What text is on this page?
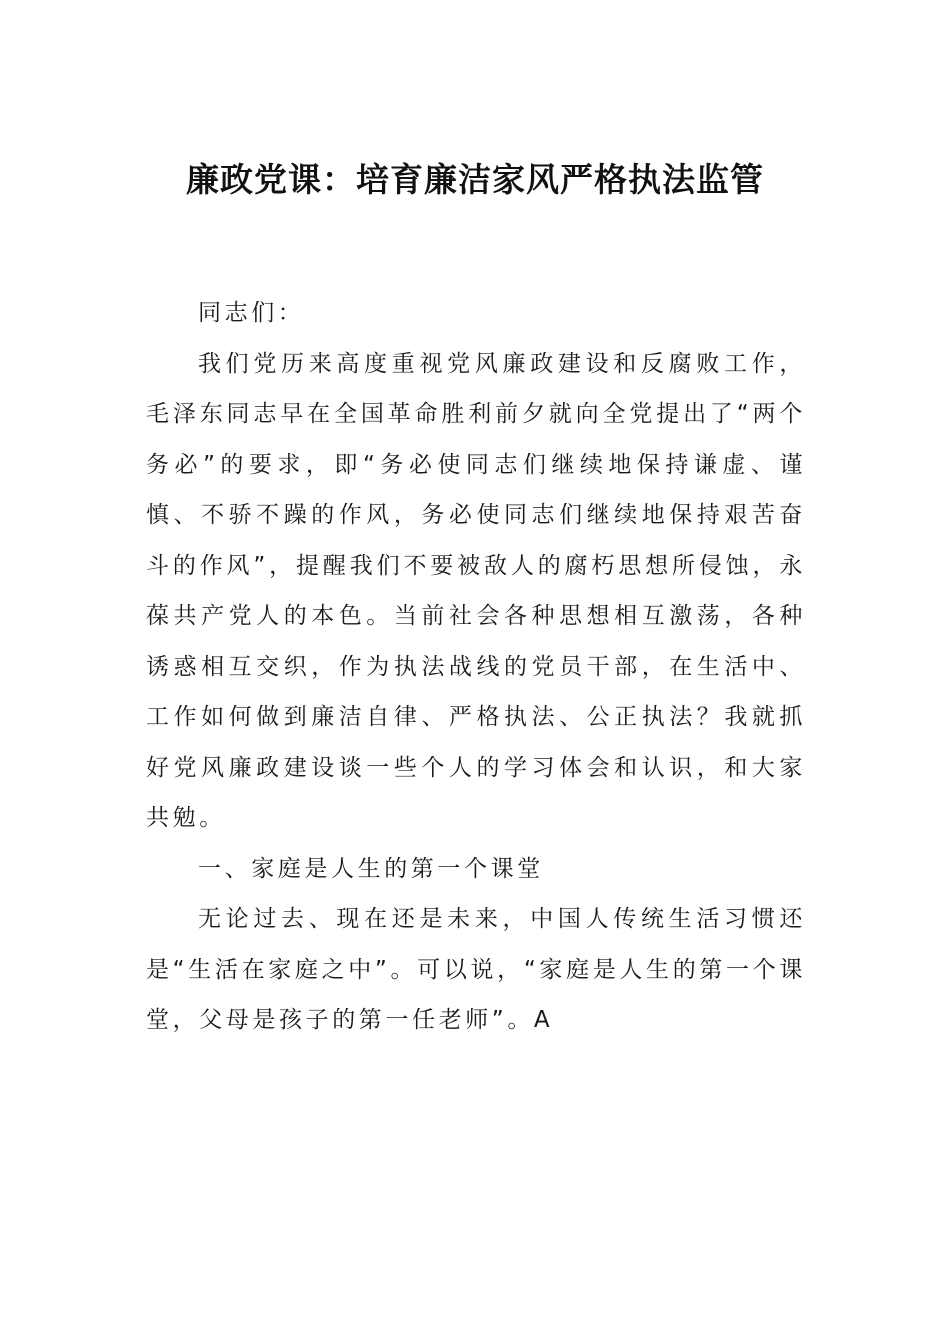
廉政党课：培育廉洁家风严格执法监管

同志们：

我们党历来高度重视党风廉政建设和反腐败工作，毛泽东同志早在全国革命胜利前夕就向全党提出了“两个务必”的要求，即“务必使同志们继续地保持谦虚、谨慎、不骄不躁的作风，务必使同志们继续地保持艰苦奋斗的作风”，提醒我们不要被敌人的腐朽思想所侵蚀，永葆共产党人的本色。当前社会各种思想相互激荡，各种诱惑相互交织，作为执法战线的党员干部，在生活中、工作如何做到廉洁自律、严格执法、公正执法？我就抓好党风廉政建设谈一些个人的学习体会和认识，和大家共勉。

一、家庭是人生的第一个课堂

无论过去、现在还是未来，中国人传统生活习惯还是“生活在家庭之中”。可以说，“家庭是人生的第一个课堂，父母是孩子的第一任老师”。A
